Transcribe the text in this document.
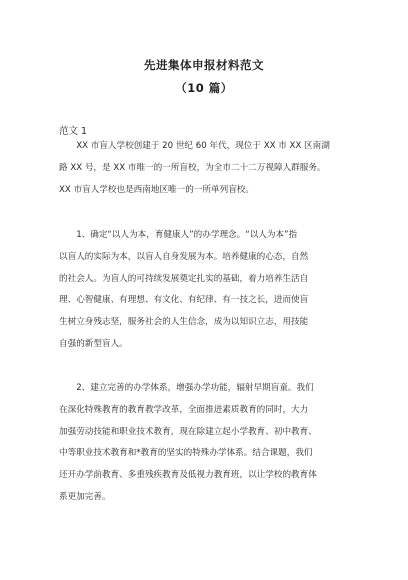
先进集体申报材料范文
（10 篇）
范文 1
　　XX 市盲人学校创建于 20 世纪 60 年代，现位于 XX 市 XX 区南湖
路 XX 号，是 XX 市唯一的一所盲校，为全市二十二万视障人群服务。
XX 市盲人学校也是西南地区唯一的一所单列盲校。
　　1、确定“以人为本，育健康人”的办学理念。“以人为本”指
以盲人的实际为本，以盲人自身发展为本。培养健康的心态，自然
的社会人。为盲人的可持续发展奠定扎实的基础，着力培养生活自
理、心智健康、有理想、有文化、有纪律、有一技之长，进而使盲
生树立身残志坚，服务社会的人生信念，成为以知识立志，用技能
自强的新型盲人。
　　2、建立完善的办学体系，增强办学功能，辐射早期盲童。我们
在深化特殊教育的教育教学改革，全面推进素质教育的同时，大力
加强劳动技能和职业技术教育，现在除建立起小学教育、初中教育、
中等职业技术教育和*教育的坚实的特殊办学体系。结合课题，我们
还开办学前教育、多重残疾教育及低视力教育班，以让学校的教育体
系更加完善。
